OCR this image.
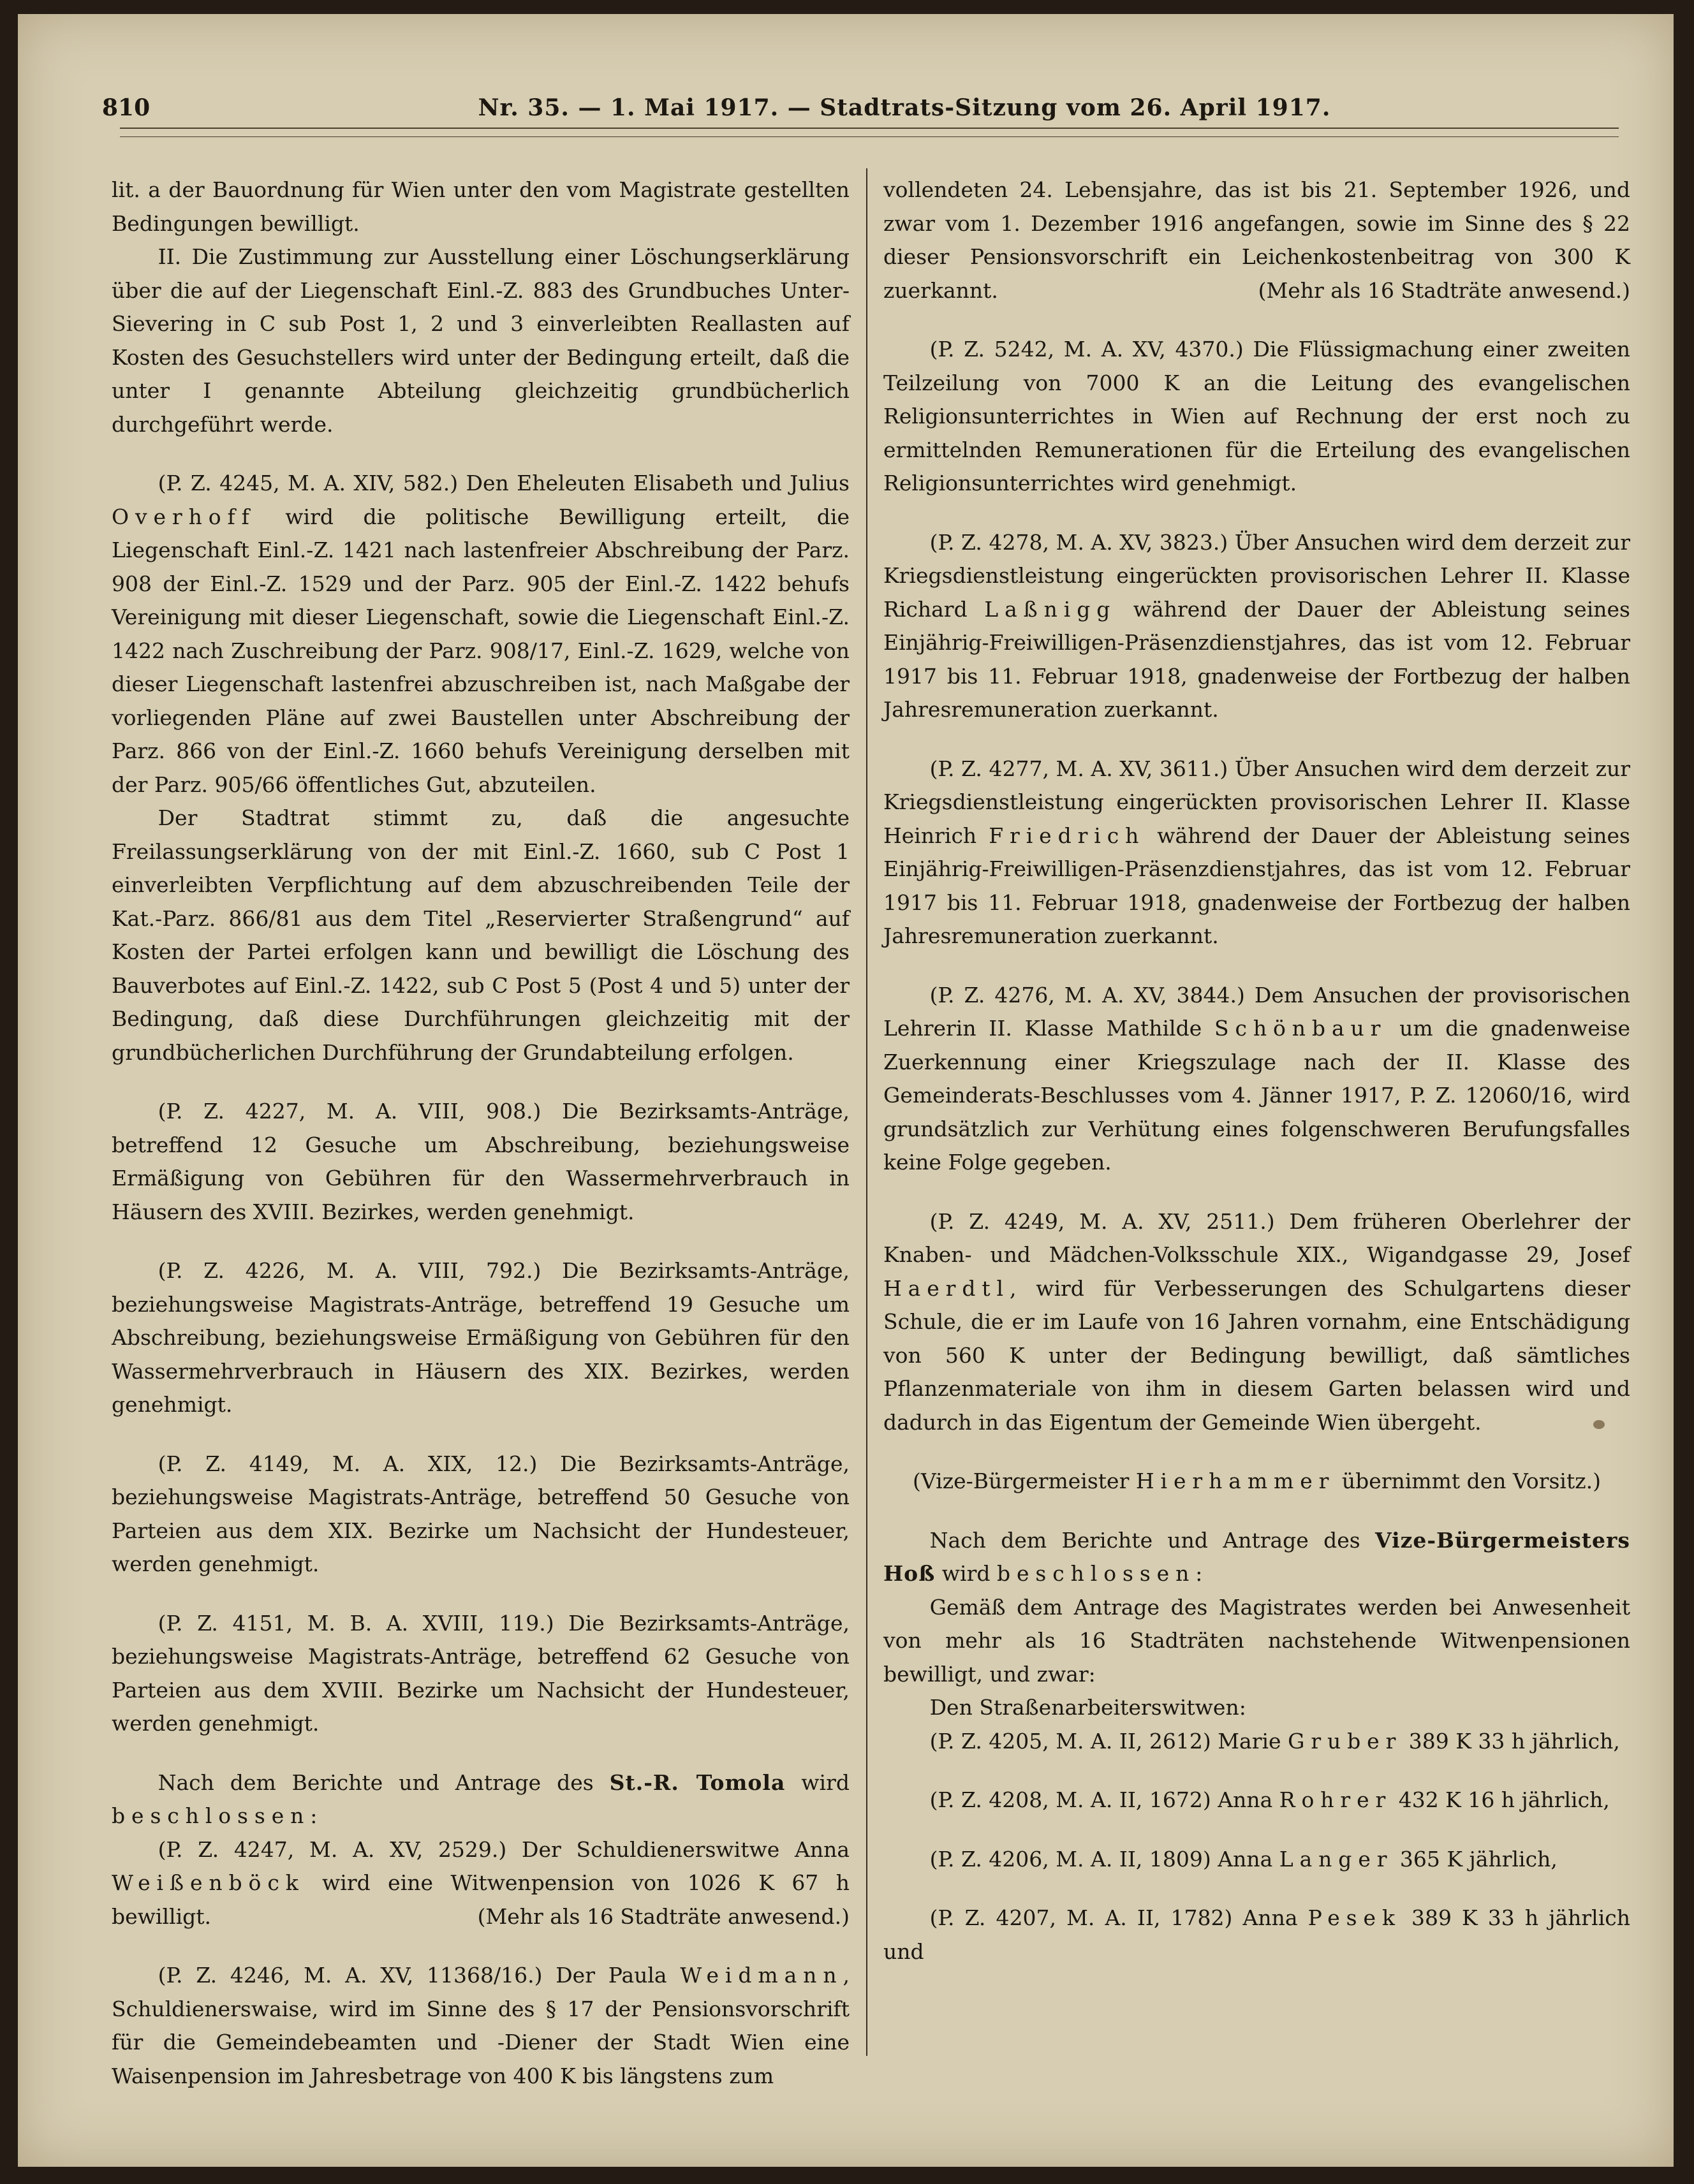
810	Nr. 35. — 1. Mai 1917. — Stadtrats-Sitzung vom 26. April 1917.

lit. a der Bauordnung für Wien unter den vom Magistrate gestellten Bedingungen bewilligt.

II. Die Zustimmung zur Ausstellung einer Löschungserklärung über die auf der Liegenschaft Einl.-Z. 883 des Grundbuches Unter-Sievering in C sub Post 1, 2 und 3 einverleibten Reallasten auf Kosten des Gesuchstellers wird unter der Bedingung erteilt, daß die unter I genannte Abteilung gleichzeitig grundbücherlich durchgeführt werde.

(P. Z. 4245, M. A. XIV, 582.) Den Eheleuten Elisabeth und Julius Overhoff wird die politische Bewilligung erteilt, die Liegenschaft Einl.-Z. 1421 nach lastenfreier Abschreibung der Parz. 908 der Einl.-Z. 1529 und der Parz. 905 der Einl.-Z. 1422 behufs Vereinigung mit dieser Liegenschaft, sowie die Liegenschaft Einl.-Z. 1422 nach Zuschreibung der Parz. 908/17, Einl.-Z. 1629, welche von dieser Liegenschaft lastenfrei abzuschreiben ist, nach Maßgabe der vorliegenden Pläne auf zwei Baustellen unter Abschreibung der Parz. 866 von der Einl.-Z. 1660 behufs Vereinigung derselben mit der Parz. 905/66 öffentliches Gut, abzuteilen.

Der Stadtrat stimmt zu, daß die angesuchte Freilassungserklärung von der mit Einl.-Z. 1660, sub C Post 1 einverleibten Verpflichtung auf dem abzuschreibenden Teile der Kat.-Parz. 866/81 aus dem Titel „Reservierter Straßengrund“ auf Kosten der Partei erfolgen kann und bewilligt die Löschung des Bauverbotes auf Einl.-Z. 1422, sub C Post 5 (Post 4 und 5) unter der Bedingung, daß diese Durchführungen gleichzeitig mit der grundbücherlichen Durchführung der Grundabteilung erfolgen.

(P. Z. 4227, M. A. VIII, 908.) Die Bezirksamts-Anträge, betreffend 12 Gesuche um Abschreibung, beziehungsweise Ermäßigung von Gebühren für den Wassermehrverbrauch in Häusern des XVIII. Bezirkes, werden genehmigt.

(P. Z. 4226, M. A. VIII, 792.) Die Bezirksamts-Anträge, beziehungsweise Magistrats-Anträge, betreffend 19 Gesuche um Abschreibung, beziehungsweise Ermäßigung von Gebühren für den Wassermehrverbrauch in Häusern des XIX. Bezirkes, werden genehmigt.

(P. Z. 4149, M. A. XIX, 12.) Die Bezirksamts-Anträge, beziehungsweise Magistrats-Anträge, betreffend 50 Gesuche von Parteien aus dem XIX. Bezirke um Nachsicht der Hundesteuer, werden genehmigt.

(P. Z. 4151, M. B. A. XVIII, 119.) Die Bezirksamts-Anträge, beziehungsweise Magistrats-Anträge, betreffend 62 Gesuche von Parteien aus dem XVIII. Bezirke um Nachsicht der Hundesteuer, werden genehmigt.

Nach dem Berichte und Antrage des St.-R. Tomola wird beschlossen:

(P. Z. 4247, M. A. XV, 2529.) Der Schuldienerswitwe Anna Weißenböck wird eine Witwenpension von 1026 K 67 h bewilligt.	(Mehr als 16 Stadträte anwesend.)

(P. Z. 4246, M. A. XV, 11368/16.) Der Paula Weidmann, Schuldienerswaise, wird im Sinne des § 17 der Pensionsvorschrift für die Gemeindebeamten und -Diener der Stadt Wien eine Waisenpension im Jahresbetrage von 400 K bis längstens zum

vollendeten 24. Lebensjahre, das ist bis 21. September 1926, und zwar vom 1. Dezember 1916 angefangen, sowie im Sinne des § 22 dieser Pensionsvorschrift ein Leichenkostenbeitrag von 300 K zuerkannt.	(Mehr als 16 Stadträte anwesend.)

(P. Z. 5242, M. A. XV, 4370.) Die Flüssigmachung einer zweiten Teilzeilung von 7000 K an die Leitung des evangelischen Religionsunterrichtes in Wien auf Rechnung der erst noch zu ermittelnden Remunerationen für die Erteilung des evangelischen Religionsunterrichtes wird genehmigt.

(P. Z. 4278, M. A. XV, 3823.) Über Ansuchen wird dem derzeit zur Kriegsdienstleistung eingerückten provisorischen Lehrer II. Klasse Richard Laßnigg während der Dauer der Ableistung seines Einjährig-Freiwilligen-Präsenzdienstjahres, das ist vom 12. Februar 1917 bis 11. Februar 1918, gnadenweise der Fortbezug der halben Jahresremuneration zuerkannt.

(P. Z. 4277, M. A. XV, 3611.) Über Ansuchen wird dem derzeit zur Kriegsdienstleistung eingerückten provisorischen Lehrer II. Klasse Heinrich Friedrich während der Dauer der Ableistung seines Einjährig-Freiwilligen-Präsenzdienstjahres, das ist vom 12. Februar 1917 bis 11. Februar 1918, gnadenweise der Fortbezug der halben Jahresremuneration zuerkannt.

(P. Z. 4276, M. A. XV, 3844.) Dem Ansuchen der provisorischen Lehrerin II. Klasse Mathilde Schönbaur um die gnadenweise Zuerkennung einer Kriegszulage nach der II. Klasse des Gemeinderats-Beschlusses vom 4. Jänner 1917, P. Z. 12060/16, wird grundsätzlich zur Verhütung eines folgenschweren Berufungsfalles keine Folge gegeben.

(P. Z. 4249, M. A. XV, 2511.) Dem früheren Oberlehrer der Knaben- und Mädchen-Volksschule XIX., Wigandgasse 29, Josef Haerdtl, wird für Verbesserungen des Schulgartens dieser Schule, die er im Laufe von 16 Jahren vornahm, eine Entschädigung von 560 K unter der Bedingung bewilligt, daß sämtliches Pflanzenmateriale von ihm in diesem Garten belassen wird und dadurch in das Eigentum der Gemeinde Wien übergeht.

(Vize-Bürgermeister Hierhammer übernimmt den Vorsitz.)

Nach dem Berichte und Antrage des Vize-Bürgermeisters Hoß wird beschlossen:

Gemäß dem Antrage des Magistrates werden bei Anwesenheit von mehr als 16 Stadträten nachstehende Witwenpensionen bewilligt, und zwar:

Den Straßenarbeiterswitwen:

(P. Z. 4205, M. A. II, 2612) Marie Gruber 389 K 33 h jährlich,

(P. Z. 4208, M. A. II, 1672) Anna Rohrer 432 K 16 h jährlich,

(P. Z. 4206, M. A. II, 1809) Anna Langer 365 K jährlich,

(P. Z. 4207, M. A. II, 1782) Anna Pesek 389 K 33 h jährlich und
